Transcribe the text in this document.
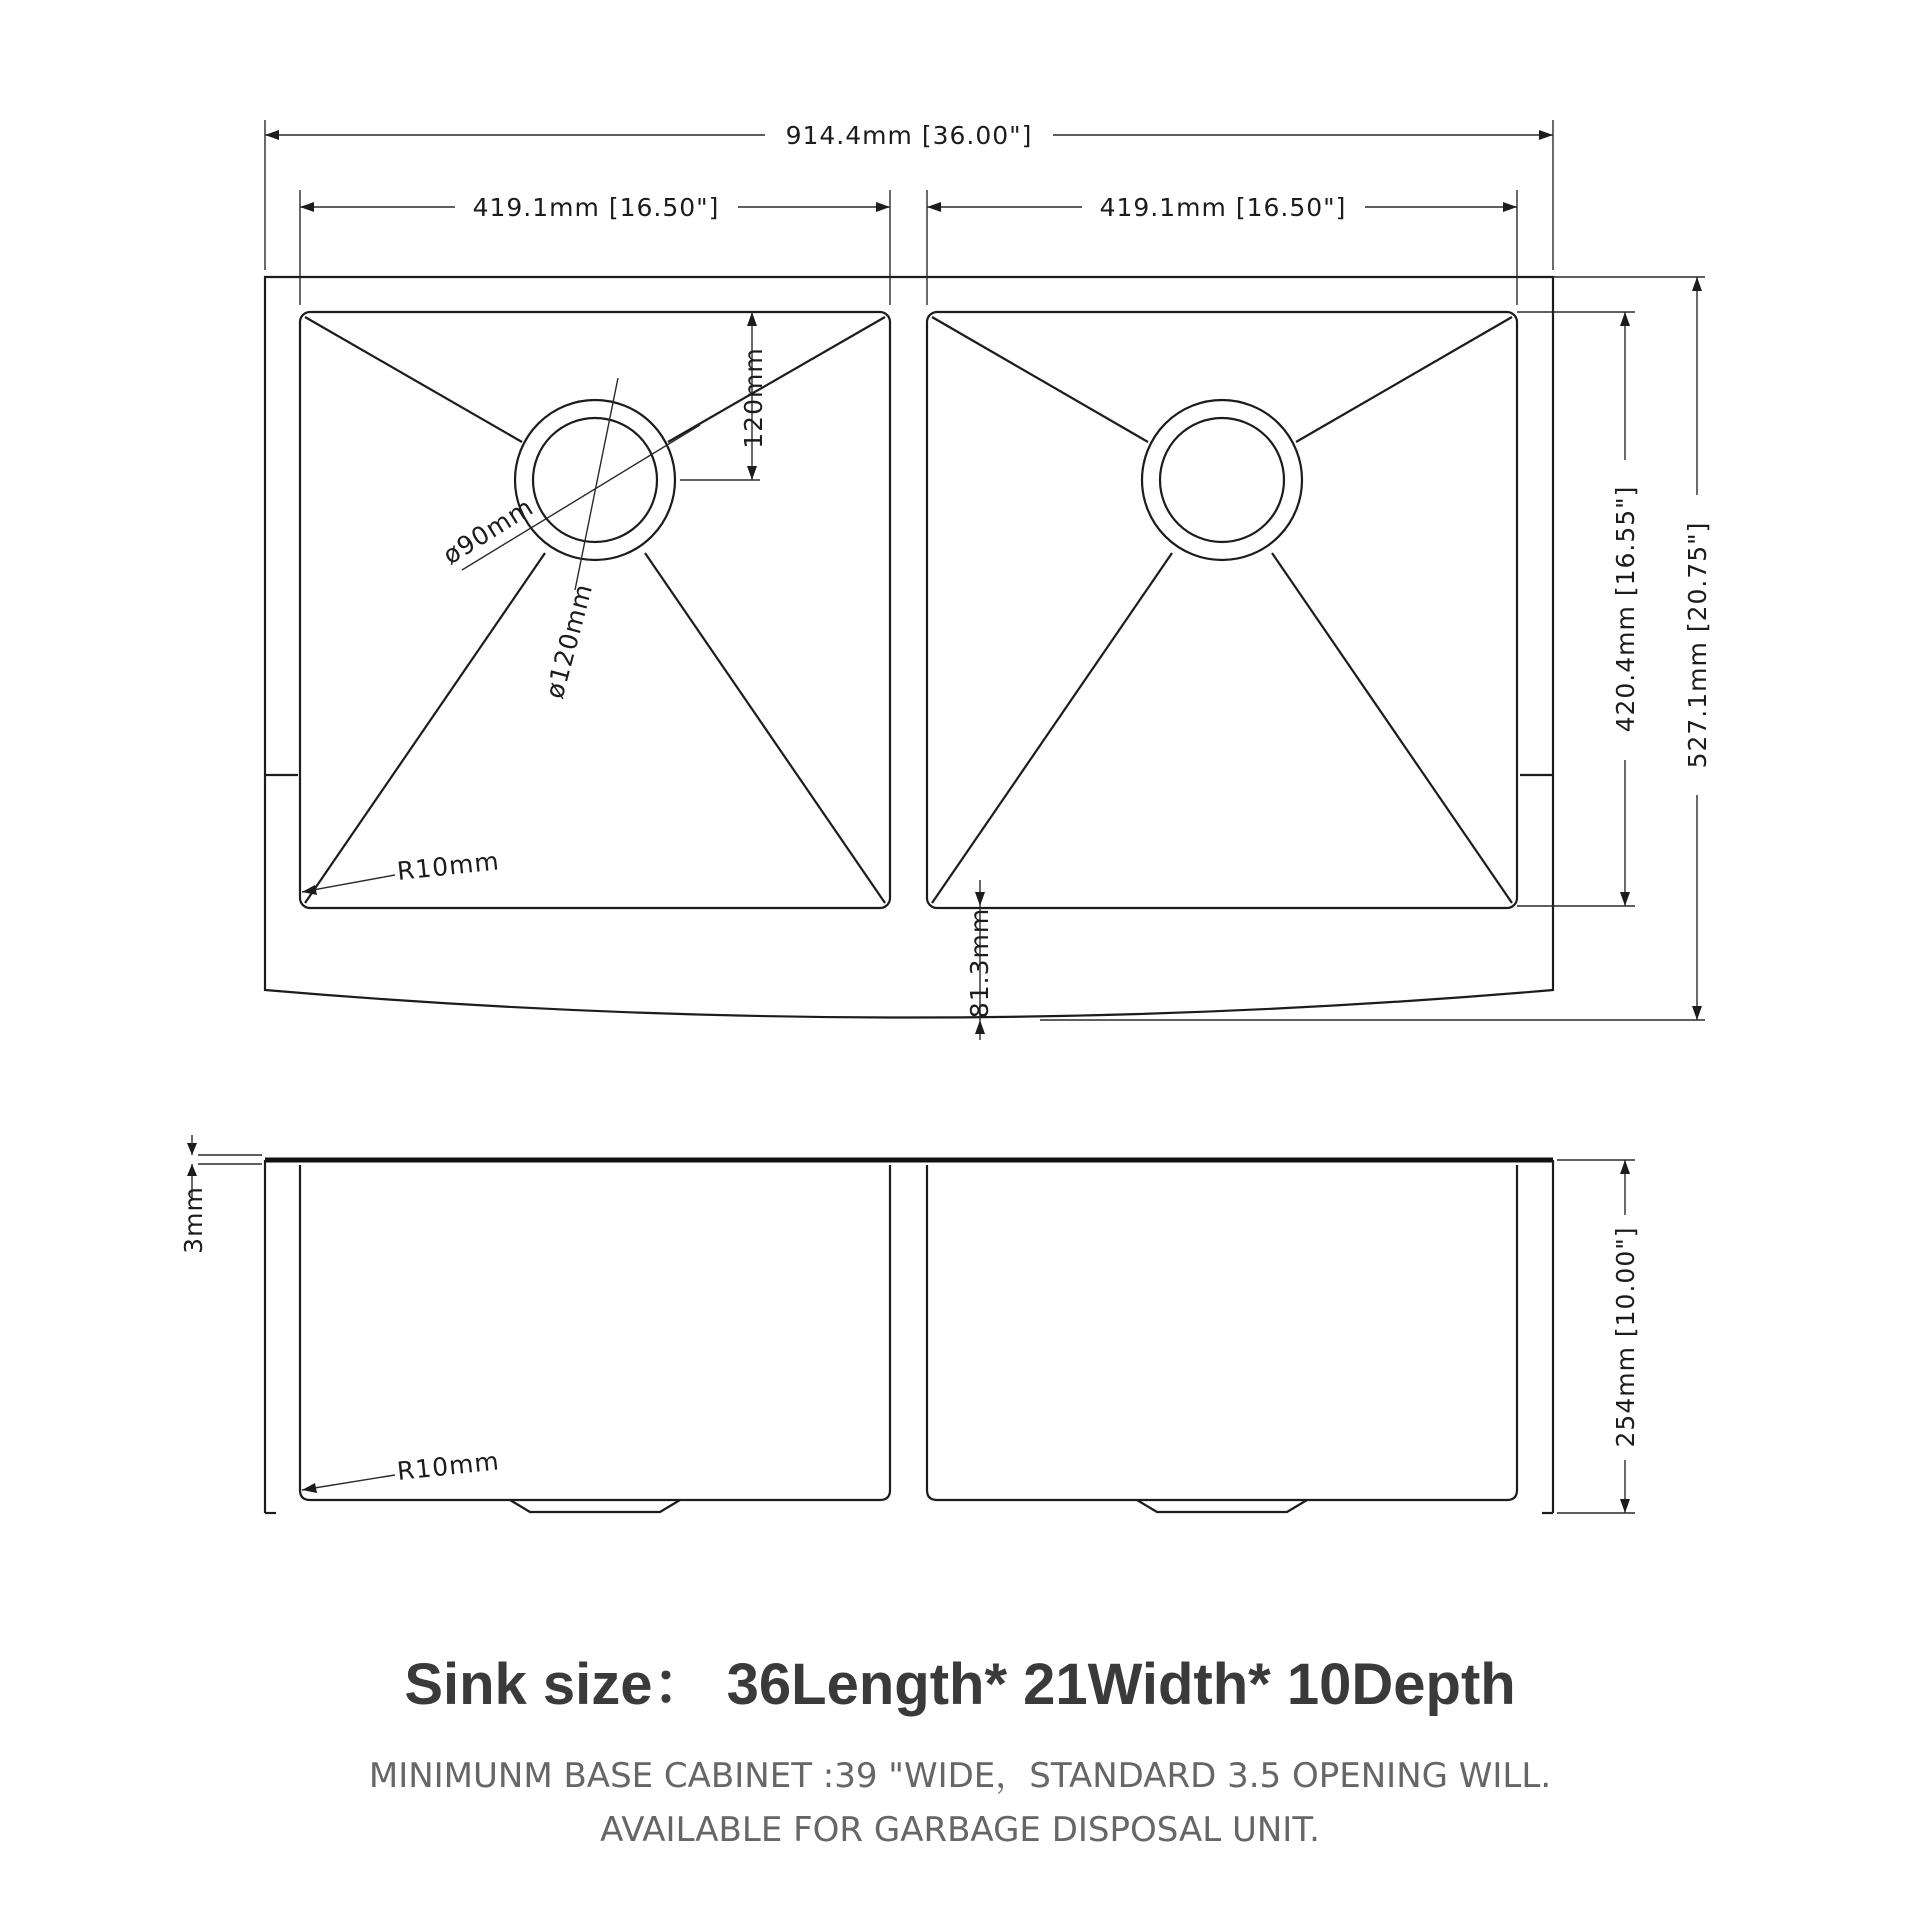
914.4mm [36.00"]
419.1mm [16.50"]	419.1mm [16.50"]
420.4mm [16.55"] 527.1mm [20.75"]
120mm
ø90mm
ø120mm
R10mm
81.3mm
3mm
254mm [10.00"]
R10mm
Sink size： 36Length* 21Width* 10Depth

MINIMUNM BASE CABINET :39 "WIDE，STANDARD 3.5 OPENING WILL.

AVAILABLE FOR GARBAGE DISPOSAL UNIT.
